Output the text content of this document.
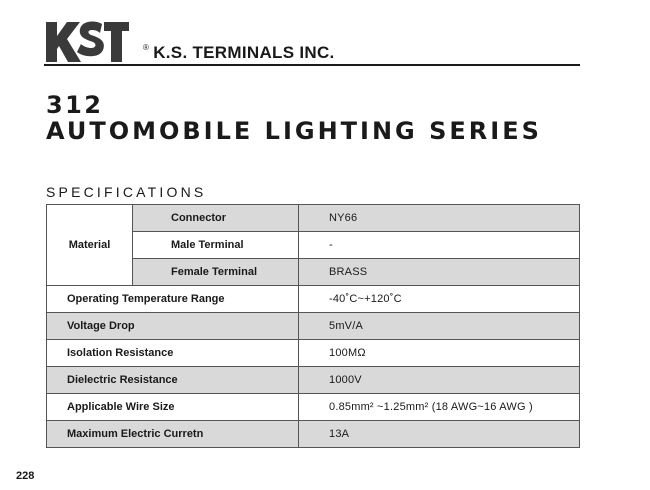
® K.S. TERMINALS INC.
312
AUTOMOBILE LIGHTING SERIES
SPECIFICATIONS
Material	Connector	NY66
	Male Terminal	-
	Female Terminal	BRASS
Operating Temperature Range		-40˚C~+120˚C
Voltage Drop		5mV/A
Isolation Resistance		100MΩ
Dielectric Resistance		1000V
Applicable Wire Size		0.85mm² ~1.25mm² (18 AWG~16 AWG )
Maximum Electric Curretn		13A
228
